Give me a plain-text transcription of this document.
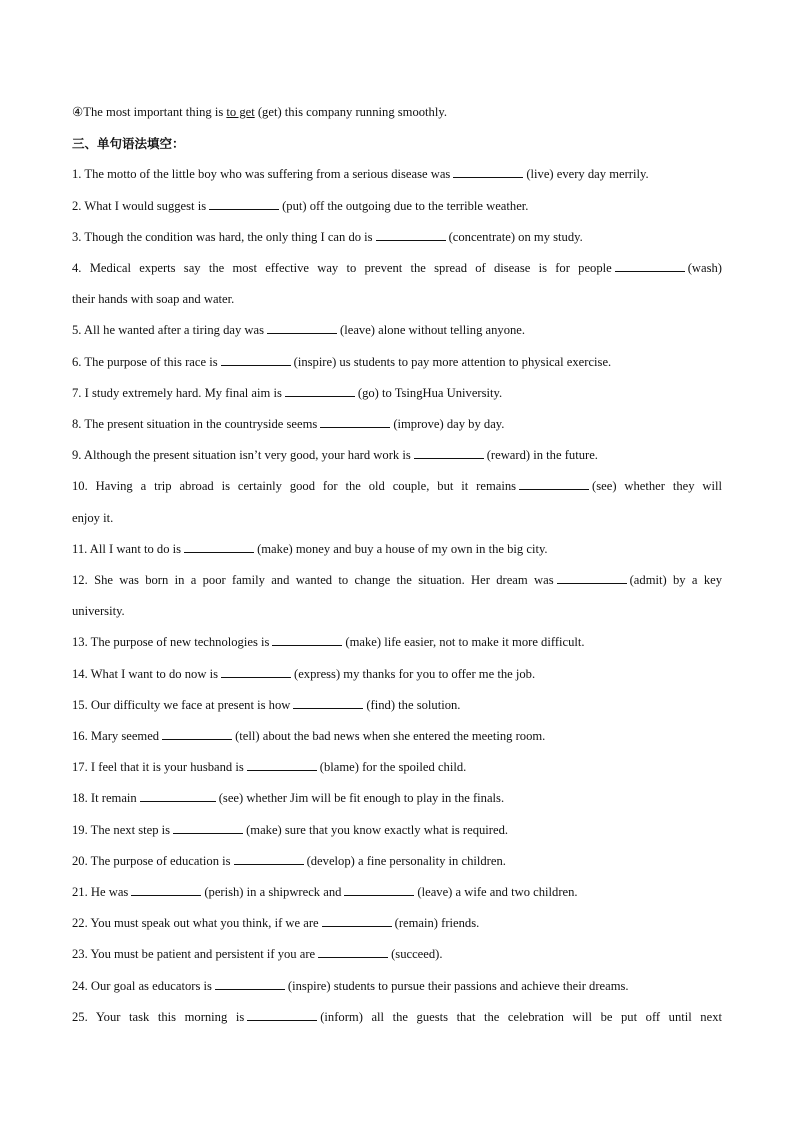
④The most important thing is to get (get) this company running smoothly.
三、单句语法填空：
1. The motto of the little boy who was suffering from a serious disease was	(live) every day merrily.
2. What I would suggest is	(put) off the outgoing due to the terrible weather.
3. Though the condition was hard, the only thing I can do is	(concentrate) on my study.
4. Medical experts say the most effective way to prevent the spread of disease is for people	(wash)
their hands with soap and water.
5. All he wanted after a tiring day was	(leave) alone without telling anyone.
6. The purpose of this race is	(inspire) us students to pay more attention to physical exercise.
7. I study extremely hard. My final aim is	(go) to TsingHua University.
8. The present situation in the countryside seems	(improve) day by day.
9. Although the present situation isn’t very good, your hard work is	(reward) in the future.
10. Having a trip abroad is certainly good for the old couple, but it remains	(see) whether they will
enjoy it.
11. All I want to do is	(make) money and buy a house of my own in the big city.
12. She was born in a poor family and wanted to change the situation. Her dream was	(admit) by a key
university.
13. The purpose of new technologies is	(make) life easier, not to make it more difficult.
14. What I want to do now is	(express) my thanks for you to offer me the job.
15. Our difficulty we face at present is how	(find) the solution.
16. Mary seemed	(tell) about the bad news when she entered the meeting room.
17. I feel that it is your husband is	(blame) for the spoiled child.
18. It remain	(see) whether Jim will be fit enough to play in the finals.
19. The next step is	(make) sure that you know exactly what is required.
20. The purpose of education is	(develop) a fine personality in children.
21. He was	(perish) in a shipwreck and	(leave) a wife and two children.
22. You must speak out what you think, if we are	(remain) friends.
23. You must be patient and persistent if you are	(succeed).
24. Our goal as educators is	(inspire) students to pursue their passions and achieve their dreams.
25. Your task this morning is	(inform) all the guests that the celebration will be put off until next
